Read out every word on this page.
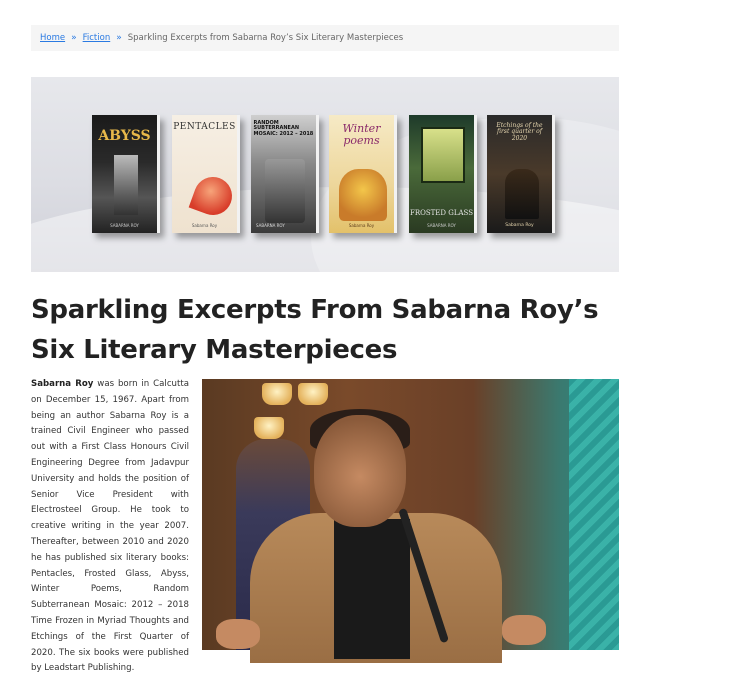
Home » Fiction » Sparkling Excerpts from Sabarna Roy’s Six Literary Masterpieces
ABYSS
SABARNA ROY
PENTACLES
Sabarna Roy
RANDOM SUBTERRANEAN MOSAIC: 2012 – 2018
SABARNA ROY
Winter poems
Sabarna Roy
FROSTED GLASS
SABARNA ROY
Etchings of the first quarter of 2020
Sabarna Roy
Sparkling Excerpts From Sabarna Roy’s Six Literary Masterpieces
Sabarna Roy was born in Calcutta on December 15, 1967. Apart from being an author Sabarna Roy is a trained Civil Engineer who passed out with a First Class Honours Civil Engineering Degree from Jadavpur University and holds the position of Senior Vice President with Electrosteel Group. He took to creative writing in the year 2007. Thereafter, between 2010 and 2020 he has published six literary books: Pentacles, Frosted Glass, Abyss, Winter Poems, Random Subterranean Mosaic: 2012 – 2018 Time Frozen in Myriad Thoughts and Etchings of the First Quarter of 2020. The six books were published by Leadstart Publishing.
